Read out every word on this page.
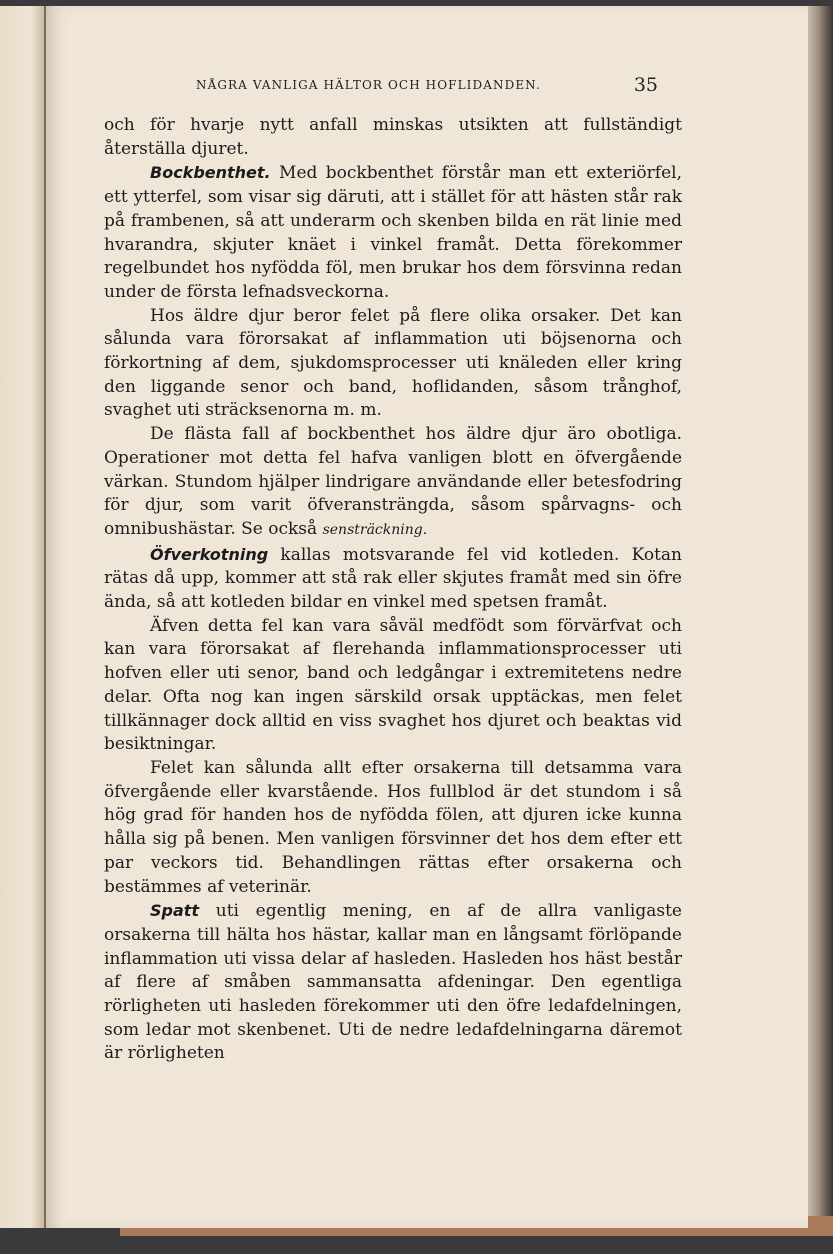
NÅGRA VANLIGA HÄLTOR OCH HOFLIDANDEN.	35

och för hvarje nytt anfall minskas utsikten att fullständigt återställa djuret.

Bockbenthet. Med bockbenthet förstår man ett exteriörfel, ett ytterfel, som visar sig däruti, att i stället för att hästen står rak på frambenen, så att underarm och skenben bilda en rät linie med hvarandra, skjuter knäet i vinkel framåt. Detta förekommer regelbundet hos nyfödda föl, men brukar hos dem försvinna redan under de första lefnadsveckorna.

Hos äldre djur beror felet på flere olika orsaker. Det kan sålunda vara förorsakat af inflammation uti böjsenorna och förkortning af dem, sjukdomsprocesser uti knäleden eller kring den liggande senor och band, hoflidanden, såsom trånghof, svaghet uti sträcksenorna m. m.

De flästa fall af bockbenthet hos äldre djur äro obotliga. Operationer mot detta fel hafva vanligen blott en öfvergående värkan. Stundom hjälper lindrigare användande eller betesfodring för djur, som varit öfveransträngda, såsom spårvagns- och omnibushästar. Se också sensträckning.

Öfverkotning kallas motsvarande fel vid kotleden. Kotan rätas då upp, kommer att stå rak eller skjutes framåt med sin öfre ända, så att kotleden bildar en vinkel med spetsen framåt.

Äfven detta fel kan vara såväl medfödt som förvärfvat och kan vara förorsakat af flerehanda inflammationsprocesser uti hofven eller uti senor, band och ledgångar i extremitetens nedre delar. Ofta nog kan ingen särskild orsak upptäckas, men felet tillkännager dock alltid en viss svaghet hos djuret och beaktas vid besiktningar.

Felet kan sålunda allt efter orsakerna till detsamma vara öfvergående eller kvarstående. Hos fullblod är det stundom i så hög grad för handen hos de nyfödda fölen, att djuren icke kunna hålla sig på benen. Men vanligen försvinner det hos dem efter ett par veckors tid. Behandlingen rättas efter orsakerna och bestämmes af veterinär.

Spatt uti egentlig mening, en af de allra vanligaste orsakerna till hälta hos hästar, kallar man en långsamt förlöpande inflammation uti vissa delar af hasleden. Hasleden hos häst består af flere af småben sammansatta afdeningar. Den egentliga rörligheten uti hasleden förekommer uti den öfre ledafdelningen, som ledar mot skenbenet. Uti de nedre ledafdelningarna däremot är rörligheten
